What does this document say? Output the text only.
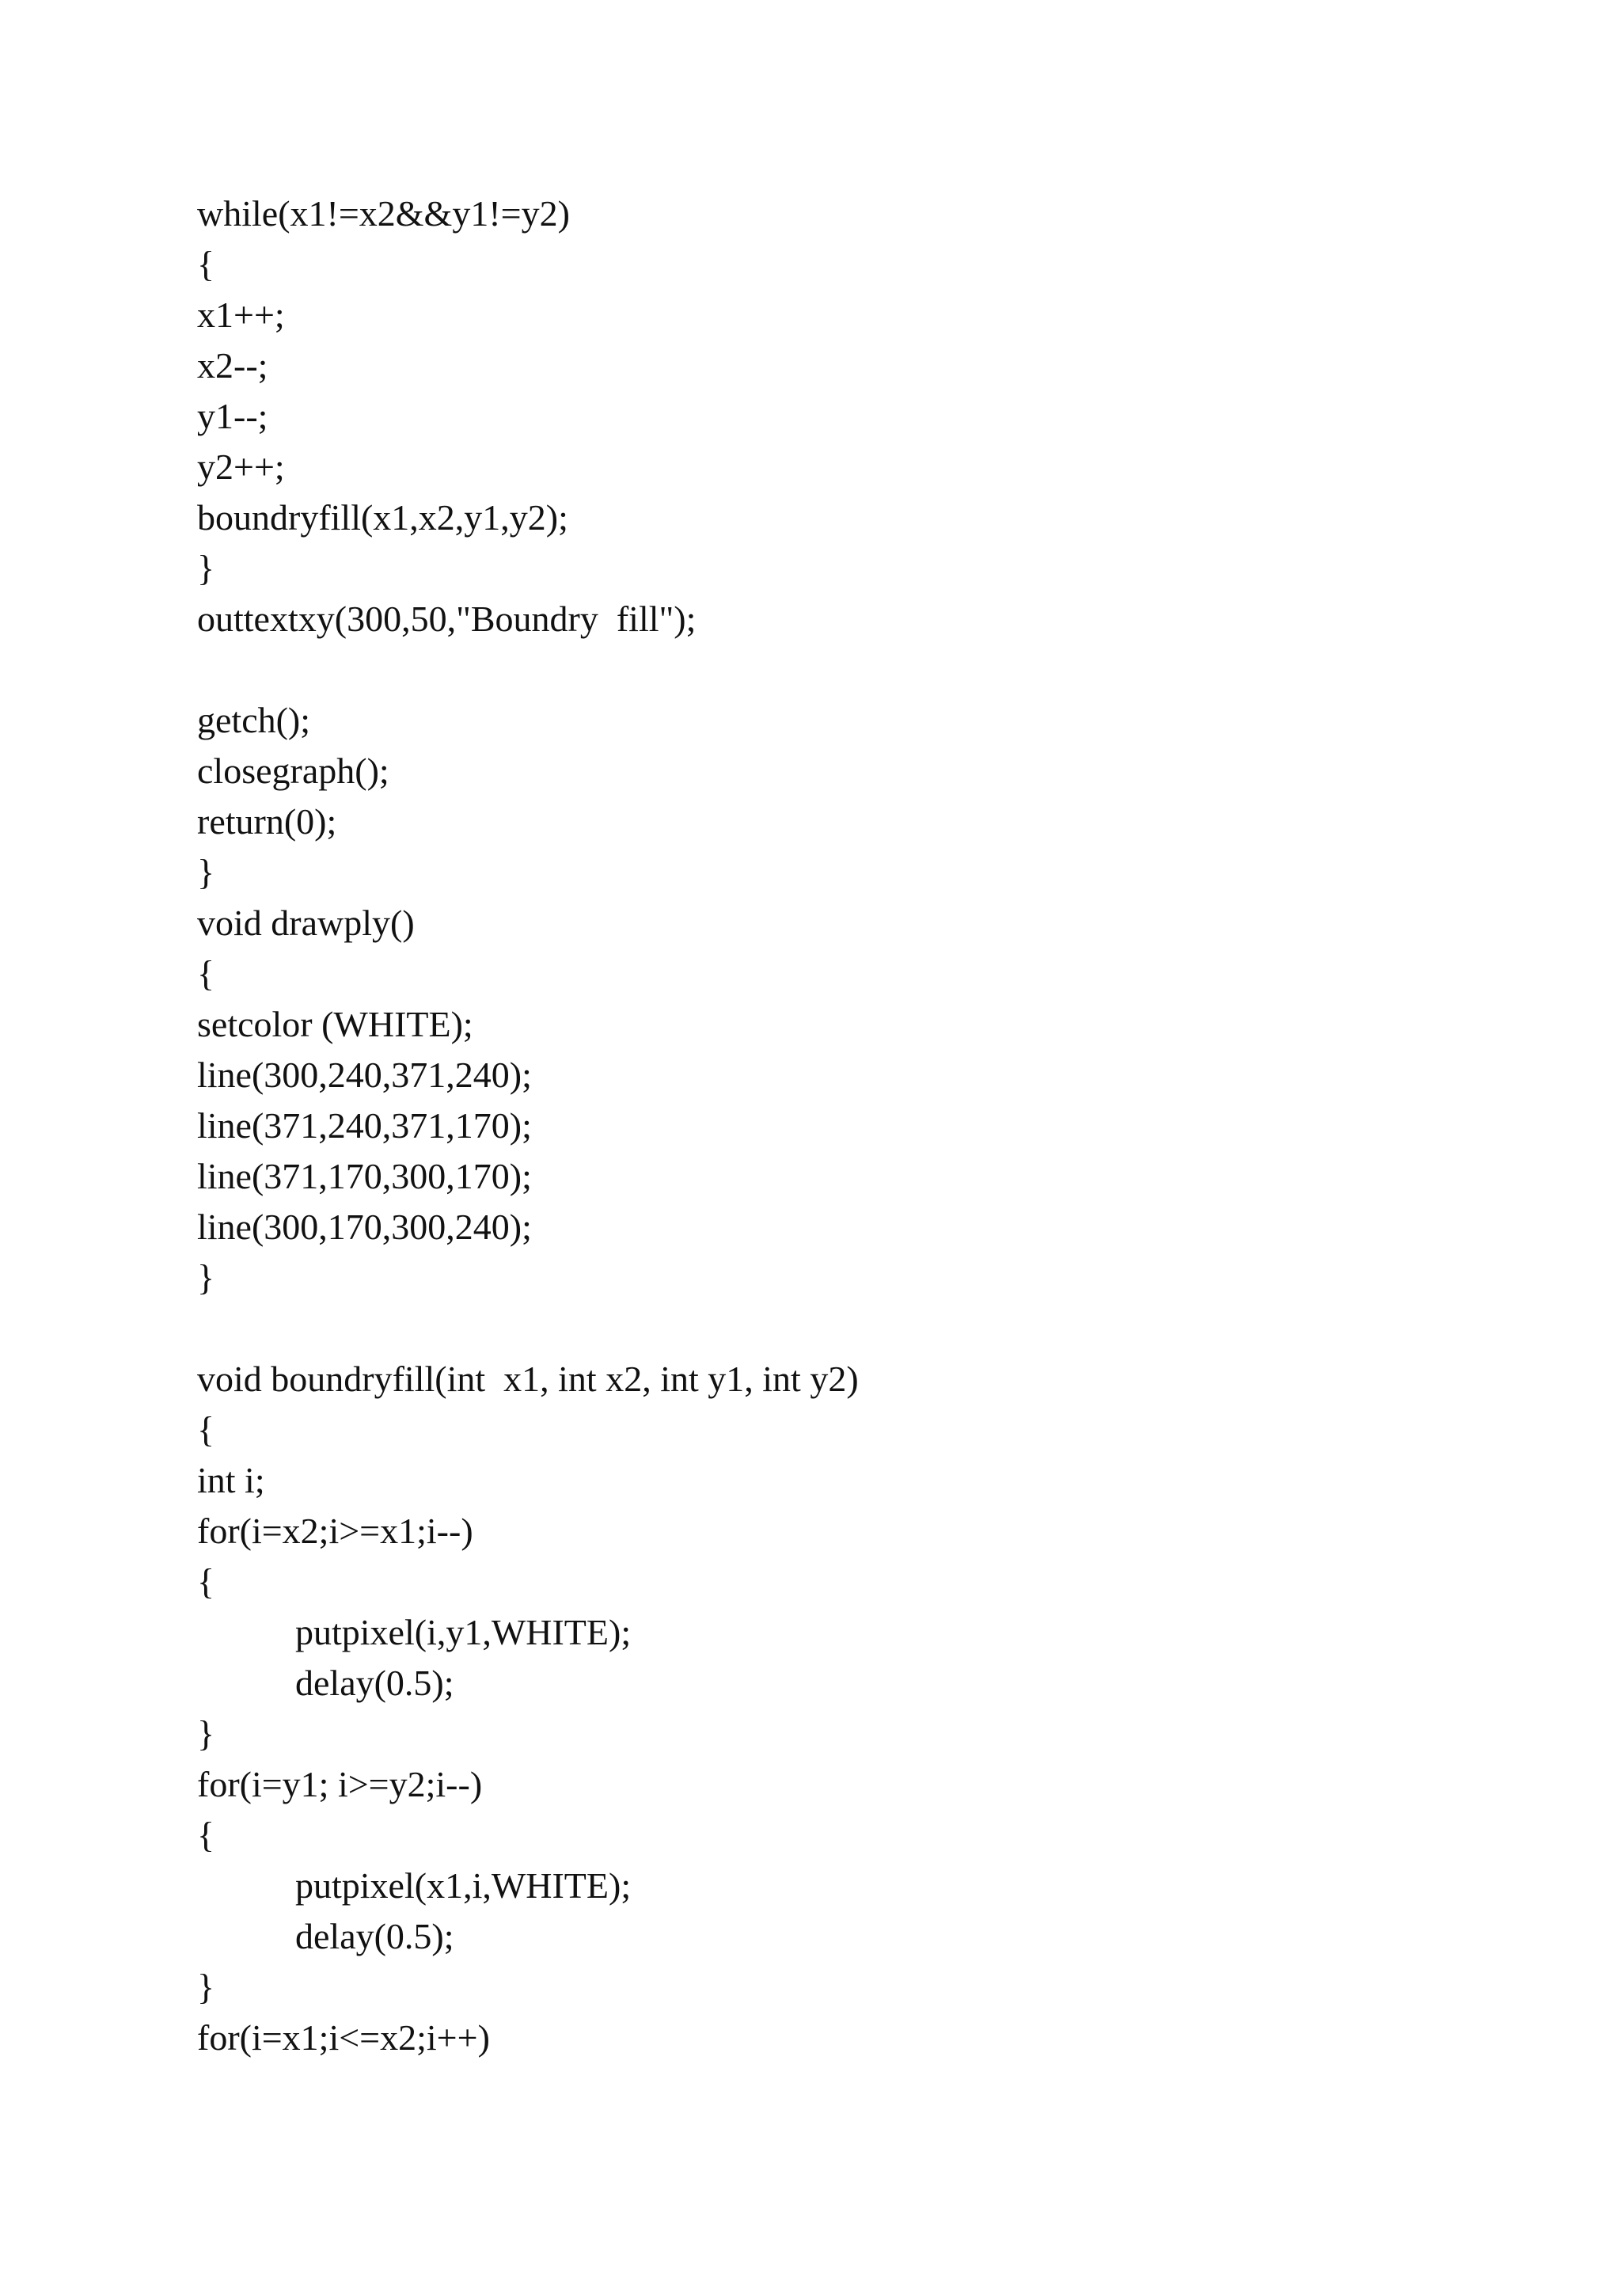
while(x1!=x2&&y1!=y2)
{
x1++;
x2--;
y1--;
y2++;
boundryfill(x1,x2,y1,y2);
}
outtextxy(300,50,"Boundry  fill");
getch();
closegraph();
return(0);
}
void drawply()
{
setcolor (WHITE);
line(300,240,371,240);
line(371,240,371,170);
line(371,170,300,170);
line(300,170,300,240);
}
void boundryfill(int  x1, int x2, int y1, int y2)
{
int i;
for(i=x2;i>=x1;i--)
{
putpixel(i,y1,WHITE);
delay(0.5);
}
for(i=y1; i>=y2;i--)
{
putpixel(x1,i,WHITE);
delay(0.5);
}
for(i=x1;i<=x2;i++)
